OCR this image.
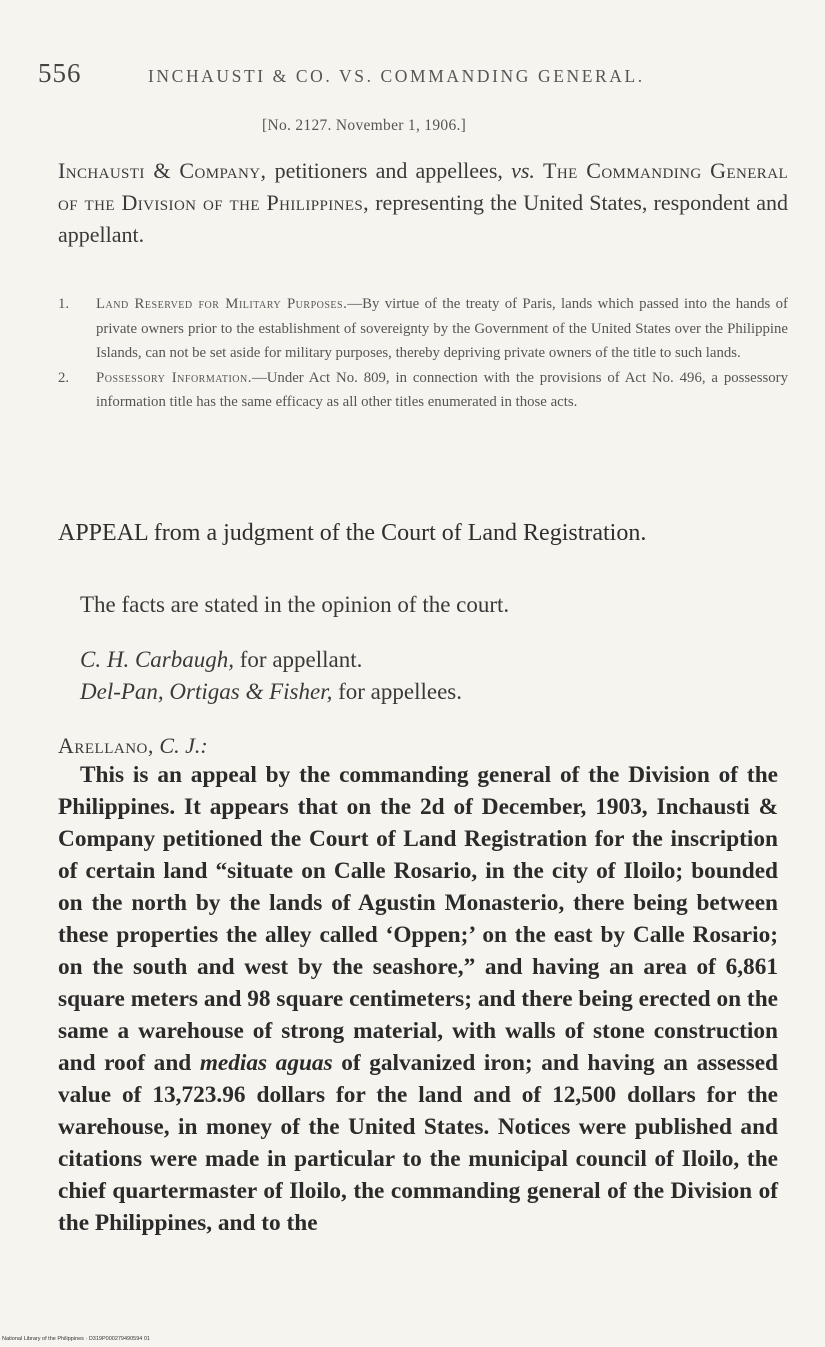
556	INCHAUSTI & CO. VS. COMMANDING GENERAL.
[No. 2127. November 1, 1906.]
Inchausti & Company, petitioners and appellees, vs. The Commanding General of the Division of the Philippines, representing the United States, respondent and appellant.

1. Land Reserved for Military Purposes.—By virtue of the treaty of Paris, lands which passed into the hands of private owners prior to the establishment of sovereignty by the Government of the United States over the Philippine Islands, can not be set aside for military purposes, thereby depriving private owners of the title to such lands.

2. Possessory Information.—Under Act No. 809, in connection with the provisions of Act No. 496, a possessory information title has the same efficacy as all other titles enumerated in those acts.

APPEAL from a judgment of the Court of Land Registration.
The facts are stated in the opinion of the court.
C. H. Carbaugh, for appellant.
Del-Pan, Ortigas & Fisher, for appellees.
Arellano, C. J.:
This is an appeal by the commanding general of the Division of the Philippines. It appears that on the 2d of December, 1903, Inchausti & Company petitioned the Court of Land Registration for the inscription of certain land “situate on Calle Rosario, in the city of Iloilo; bounded on the north by the lands of Agustin Monasterio, there being between these properties the alley called ‘Oppen;’ on the east by Calle Rosario; on the south and west by the seashore,” and having an area of 6,861 square meters and 98 square centimeters; and there being erected on the same a warehouse of strong material, with walls of stone construction and roof and medias aguas of galvanized iron; and having an assessed value of 13,723.96 dollars for the land and of 12,500 dollars for the warehouse, in money of the United States. Notices were published and citations were made in particular to the municipal council of Iloilo, the chief quartermaster of Iloilo, the commanding general of the Division of the Philippines, and to the
National Library of the Philippines · D319P000279490594 01
